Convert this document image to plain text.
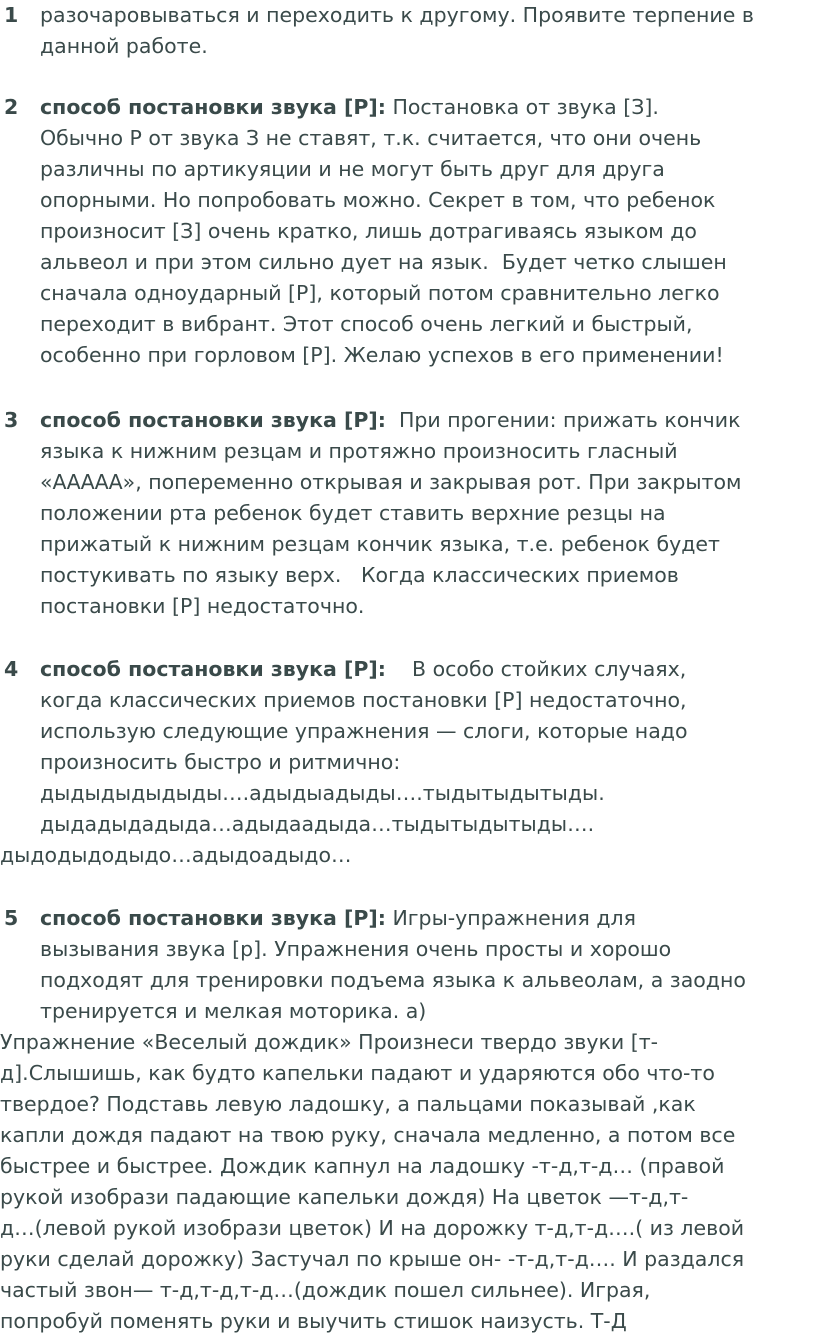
1 разочаровываться и переходить к другому. Проявите терпение в
данной работе.
2 способ постановки звука [Р]: Постановка от звука [З].
Обычно Р от звука З не ставят, т.к. считается, что они очень
различны по артикуяции и не могут быть друг для друга
опорными. Но попробовать можно. Секрет в том, что ребенок
произносит [З] очень кратко, лишь дотрагиваясь языком до
альвеол и при этом сильно дует на язык.  Будет четко слышен
сначала одноударный [Р], который потом сравнительно легко
переходит в вибрант. Этот способ очень легкий и быстрый,
особенно при горловом [Р]. Желаю успехов в его применении!
3 способ постановки звука [Р]:  При прогении: прижать кончик
языка к нижним резцам и протяжно произносить гласный
«ААААА», попеременно открывая и закрывая рот. При закрытом
положении рта ребенок будет ставить верхние резцы на
прижатый к нижним резцам кончик языка, т.е. ребенок будет
постукивать по языку верх.   Когда классических приемов
постановки [Р] недостаточно.
4 способ постановки звука [Р]:    В особо стойких случаях,
когда классических приемов постановки [Р] недостаточно,
использую следующие упражнения — слоги, которые надо
произносить быстро и ритмично:
дыдыдыдыдыды….адыдыадыды….тыдытыдытыды.
дыдадыдадыда…адыдаадыда…тыдытыдытыды….
дыдодыдодыдо…адыдоадыдо…
5 способ постановки звука [Р]: Игры-упражнения для
вызывания звука [р]. Упражнения очень просты и хорошо
подходят для тренировки подъема языка к альвеолам, а заодно
тренируется и мелкая моторика. а)
Упражнение «Веселый дождик» Произнеси твердо звуки [т-
д].Слышишь, как будто капельки падают и ударяются обо что-то
твердое? Подставь левую ладошку, а пальцами показывай ,как
капли дождя падают на твою руку, сначала медленно, а потом все
быстрее и быстрее. Дождик капнул на ладошку -т-д,т-д… (правой
рукой изобрази падающие капельки дождя) На цветок —т-д,т-
д…(левой рукой изобрази цветок) И на дорожку т-д,т-д….( из левой
руки сделай дорожку) Застучал по крыше он- -т-д,т-д…. И раздался
частый звон— т-д,т-д,т-д…(дождик пошел сильнее). Играя,
попробуй поменять руки и выучить стишок наизусть. Т-Д
